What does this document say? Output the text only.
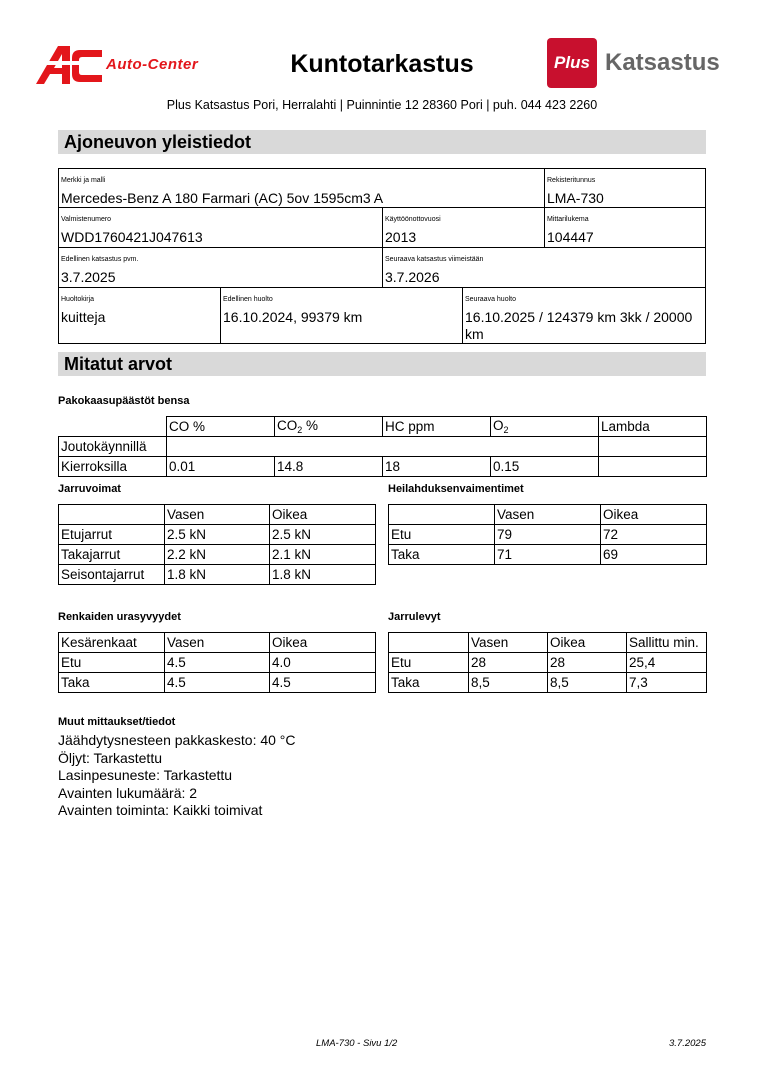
Auto-Center	Kuntotarkastus	Plus Katsastus
Plus Katsastus Pori, Herralahti | Puinnintie 12 28360 Pori | puh. 044 423 2260
Ajoneuvon yleistiedot
Merkki ja malli
Mercedes-Benz A 180 Farmari (AC) 5ov 1595cm3 A
Rekisteritunnus
LMA-730
Valmistenumero
WDD1760421J047613
Käyttöönottovuosi
2013
Mittarilukema
104447
Edellinen katsastus pvm.
3.7.2025
Seuraava katsastus viimeistään
3.7.2026
Huoltokirja
kuitteja
Edellinen huolto
16.10.2024, 99379 km
Seuraava huolto
16.10.2025 / 124379 km 3kk / 20000 km
Mitatut arvot
Pakokaasupäästöt bensa
	CO %	$CO_2$ %	HC ppm	$O_2$	Lambda
Joutokäynnillä					
Kierroksilla	0.01	14.8	18	0.15	
Jarruvoimat
	Vasen	Oikea
Etujarrut	2.5 kN	2.5 kN
Takajarrut	2.2 kN	2.1 kN
Seisontajarrut	1.8 kN	1.8 kN
Heilahduksenvaimentimet
	Vasen	Oikea
Etu	79	72
Taka	71	69
Renkaiden urasyvyydet
Kesärenkaat	Vasen	Oikea
Etu	4.5	4.0
Taka	4.5	4.5
Jarrulevyt
	Vasen	Oikea	Sallittu min.
Etu	28	28	25,4
Taka	8,5	8,5	7,3
Muut mittaukset/tiedot
Jäähdytysnesteen pakkaskesto: 40 °C
Öljyt: Tarkastettu
Lasinpesuneste: Tarkastettu
Avainten lukumäärä: 2
Avainten toiminta: Kaikki toimivat
LMA-730 - Sivu 1/2	3.7.2025
